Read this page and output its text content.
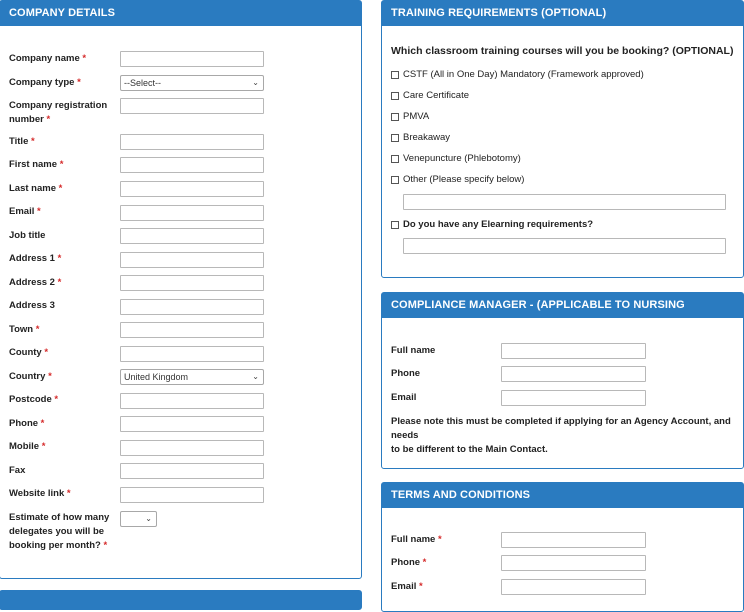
COMPANY DETAILS
Company name *
Company type *	--Select--	⌄
Company registration
number *
Title *
First name *
Last name *
Email *
Job title
Address 1 *
Address 2 *
Address 3
Town *
County *
Country *	United Kingdom	⌄
Postcode *
Phone *
Mobile *
Fax
Website link *
Estimate of how many
delegates you will be
booking per month? *
⌄
TRAINING REQUIREMENTS (OPTIONAL)
Which classroom training courses will you be booking? (OPTIONAL)
CSTF (All in One Day) Mandatory (Framework approved)
Care Certificate
PMVA
Breakaway
Venepuncture (Phlebotomy)
Other (Please specify below)
Do you have any Elearning requirements?
COMPLIANCE MANAGER - (APPLICABLE TO NURSING AGENCIES)
Full name
Phone
Email
Please note this must be completed if applying for an Agency Account, and needs
to be different to the Main Contact.
TERMS AND CONDITIONS
Full name *
Phone *
Email *
